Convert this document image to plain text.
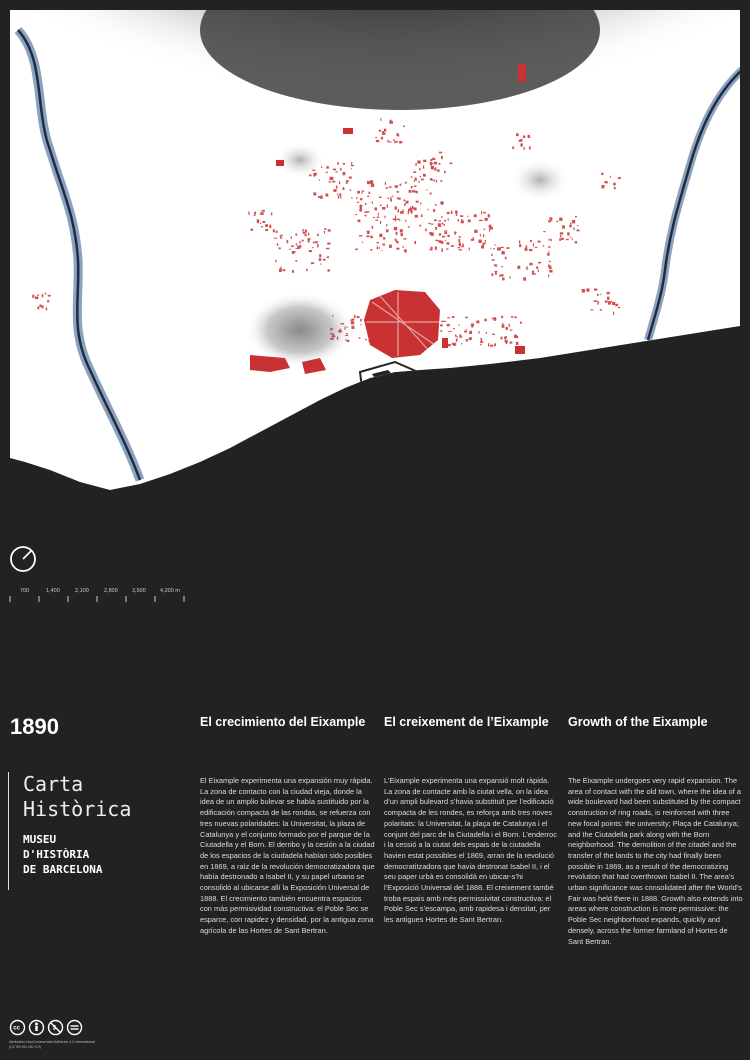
700	1,400	2,100	2,800	3,500	4,200 m
1890	El crecimiento del Eixample El creixement de l’Eixample Growth of the Eixample
Carta
Històrica
MUSEU
D'HISTÒRIA
DE BARCELONA
El Eixample experimenta una expansión muy rápida. La zona de contacto con la ciudad vieja, donde la idea de un amplio bulevar se había sustituido por la edificación compacta de las rondas, se refuerza con tres nuevas polaridades: la Universitat, la plaza de Catalunya y el conjunto formado por el parque de la Ciutadella y el Born. El derribo y la cesión a la ciudad de los espacios de la ciudadela habían sido posibles en 1869, a raíz de la revolución democratizadora que había destronado a Isabel II, y su papel urbano se consolidó al ubicarse allí la Exposición Universal de 1888. El crecimiento también encuentra espacios con más permisividad constructiva: el Poble Sec se esparce, con rapidez y densidad, por la antigua zona agrícola de las Hortes de Sant Bertran.
L’Eixample experimenta una expansió molt ràpida. La zona de contacte amb la ciutat vella, on la idea d’un ampli bulevard s’havia substituït per l’edificació compacta de les rondes, es reforça amb tres noves polaritats: la Universitat, la plaça de Catalunya i el conjunt del parc de la Ciutadella i el Born. L’enderroc i la cessió a la ciutat dels espais de la ciutadella havien estat possibles el 1869, arran de la revolució democratitzadora que havia destronat Isabel II, i el seu paper urbà es consolidà en ubicar-s’hi l’Exposició Universal del 1888. El creixement també troba espais amb més permissivitat constructiva: el Poble Sec s’escampa, amb rapidesa i densitat, per les antigues Hortes de Sant Bertran.
The Eixample undergoes very rapid expansion. The area of contact with the old town, where the idea of a wide boulevard had been substituted by the compact construction of ring roads, is reinforced with three new focal points: the university; Plaça de Catalunya; and the Ciutadella park along with the Born neighborhood. The demolition of the citadel and the transfer of the lands to the city had finally been possible in 1869, as a result of the democratizing revolution that had overthrown Isabel II. The area’s urban significance was consolidated after the World’s Fair was held there in 1888. Growth also extends into areas where construction is more permissive: the Poble Sec neighborhood expands, quickly and densely, across the former farmland of Hortes de Sant Bertran.
cc	$
Attribution-NonCommercial-NoDerivs 4.0 International (CC BY-NC-ND 4.0)
